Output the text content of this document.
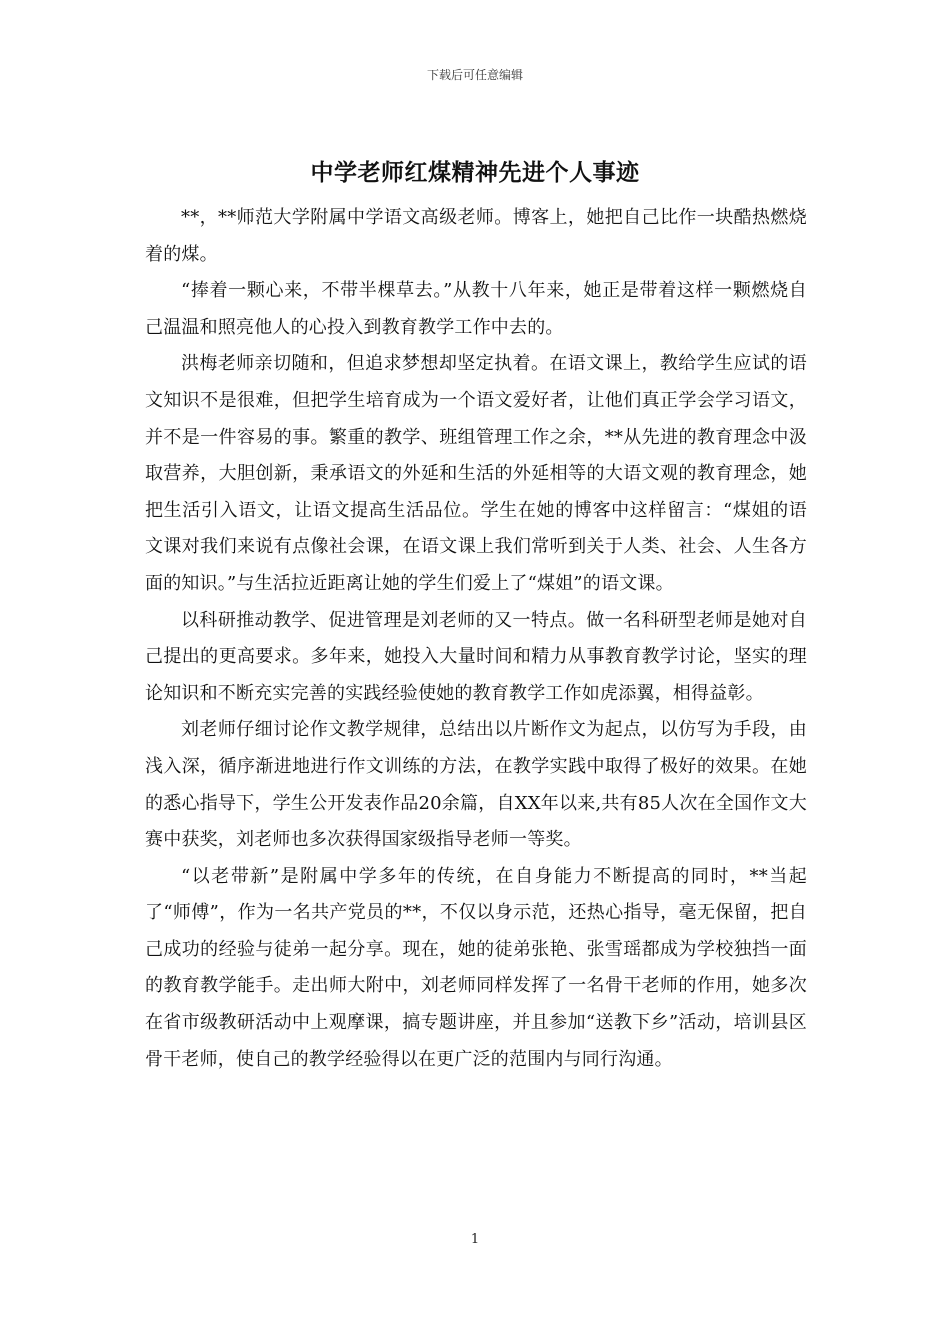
下载后可任意编辑
中学老师红煤精神先进个人事迹

**，**师范大学附属中学语文高级老师。博客上，她把自己比作一块酷热燃烧着的煤。

“捧着一颗心来，不带半棵草去。”从教十八年来，她正是带着这样一颗燃烧自己温温和照亮他人的心投入到教育教学工作中去的。

洪梅老师亲切随和，但追求梦想却坚定执着。在语文课上，教给学生应试的语文知识不是很难，但把学生培育成为一个语文爱好者，让他们真正学会学习语文，并不是一件容易的事。繁重的教学、班组管理工作之余，**从先进的教育理念中汲取营养，大胆创新，秉承语文的外延和生活的外延相等的大语文观的教育理念，她把生活引入语文，让语文提高生活品位。学生在她的博客中这样留言：“煤姐的语文课对我们来说有点像社会课，在语文课上我们常听到关于人类、社会、人生各方面的知识。”与生活拉近距离让她的学生们爱上了“煤姐”的语文课。

以科研推动教学、促进管理是刘老师的又一特点。做一名科研型老师是她对自己提出的更高要求。多年来，她投入大量时间和精力从事教育教学讨论，坚实的理论知识和不断充实完善的实践经验使她的教育教学工作如虎添翼，相得益彰。

刘老师仔细讨论作文教学规律，总结出以片断作文为起点，以仿写为手段，由浅入深，循序渐进地进行作文训练的方法，在教学实践中取得了极好的效果。在她的悉心指导下，学生公开发表作品20余篇，自XX年以来,共有85人次在全国作文大赛中获奖，刘老师也多次获得国家级指导老师一等奖。

“以老带新”是附属中学多年的传统，在自身能力不断提高的同时，**当起了“师傅”，作为一名共产党员的**，不仅以身示范，还热心指导，毫无保留，把自己成功的经验与徒弟一起分享。现在，她的徒弟张艳、张雪瑶都成为学校独挡一面的教育教学能手。走出师大附中，刘老师同样发挥了一名骨干老师的作用，她多次在省市级教研活动中上观摩课，搞专题讲座，并且参加“送教下乡”活动，培训县区骨干老师，使自己的教学经验得以在更广泛的范围内与同行沟通。

1
